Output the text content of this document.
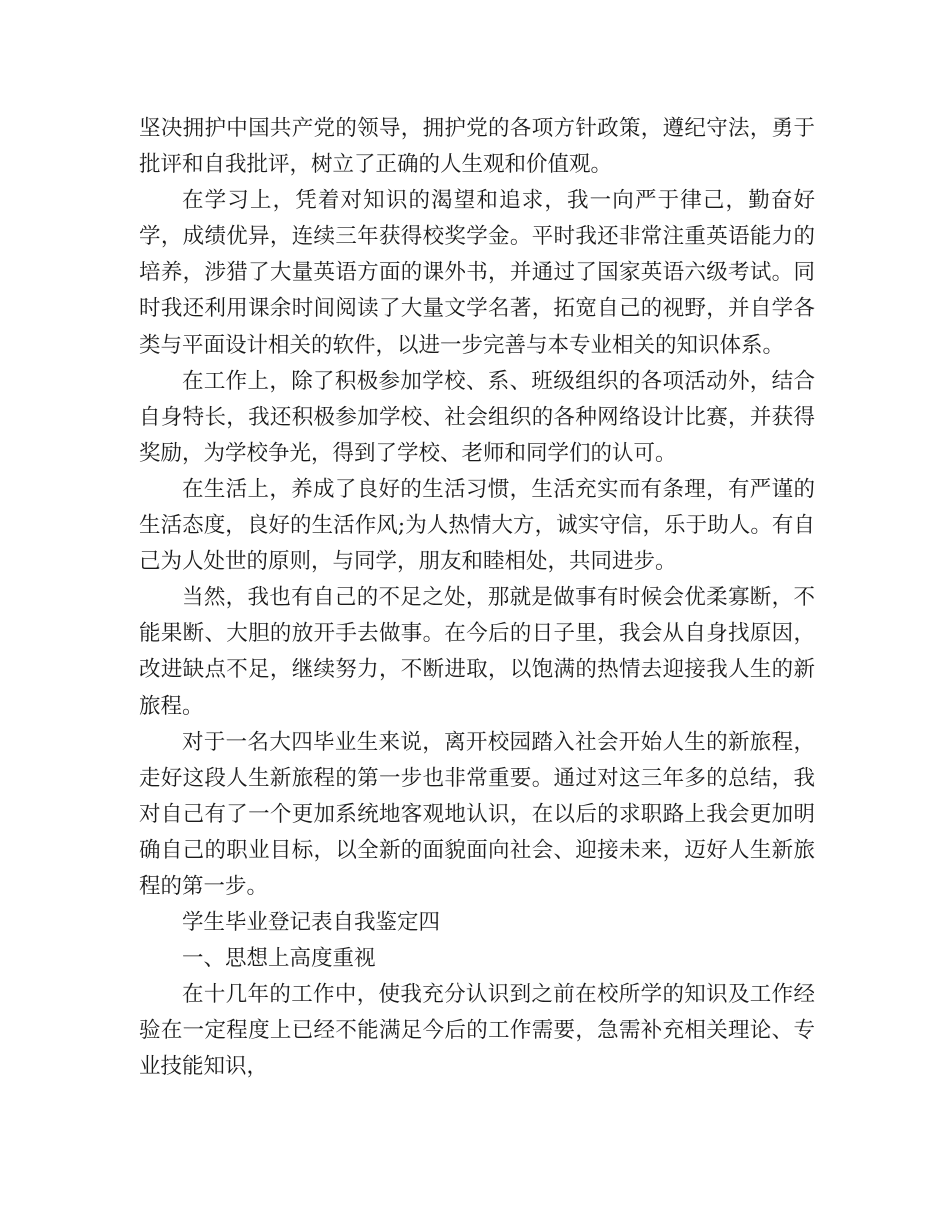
坚决拥护中国共产党的领导，拥护党的各项方针政策，遵纪守法，勇于批评和自我批评，树立了正确的人生观和价值观。

在学习上，凭着对知识的渴望和追求，我一向严于律己，勤奋好学，成绩优异，连续三年获得校奖学金。平时我还非常注重英语能力的培养，涉猎了大量英语方面的课外书，并通过了国家英语六级考试。同时我还利用课余时间阅读了大量文学名著，拓宽自己的视野，并自学各类与平面设计相关的软件，以进一步完善与本专业相关的知识体系。

在工作上，除了积极参加学校、系、班级组织的各项活动外，结合自身特长，我还积极参加学校、社会组织的各种网络设计比赛，并获得奖励，为学校争光，得到了学校、老师和同学们的认可。

在生活上，养成了良好的生活习惯，生活充实而有条理，有严谨的生活态度，良好的生活作风;为人热情大方，诚实守信，乐于助人。有自己为人处世的原则，与同学，朋友和睦相处，共同进步。

当然，我也有自己的不足之处，那就是做事有时候会优柔寡断，不能果断、大胆的放开手去做事。在今后的日子里，我会从自身找原因，改进缺点不足，继续努力，不断进取，以饱满的热情去迎接我人生的新旅程。

对于一名大四毕业生来说，离开校园踏入社会开始人生的新旅程，走好这段人生新旅程的第一步也非常重要。通过对这三年多的总结，我对自己有了一个更加系统地客观地认识，在以后的求职路上我会更加明确自己的职业目标，以全新的面貌面向社会、迎接未来，迈好人生新旅程的第一步。

学生毕业登记表自我鉴定四

一、思想上高度重视

在十几年的工作中，使我充分认识到之前在校所学的知识及工作经验在一定程度上已经不能满足今后的工作需要，急需补充相关理论、专业技能知识，
